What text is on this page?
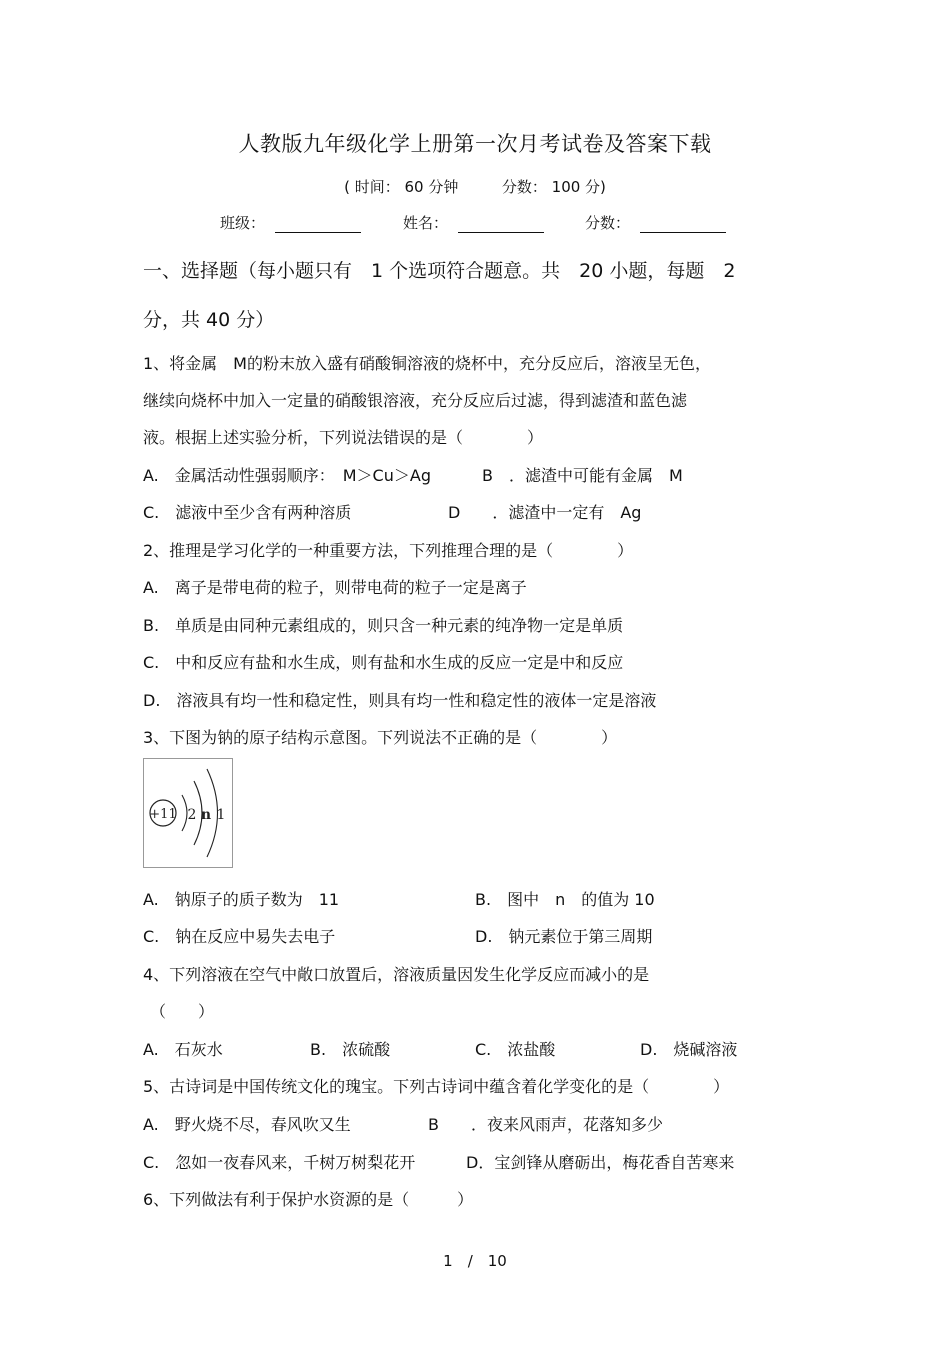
人教版九年级化学上册第一次月考试卷及答案下载
( 时间： 60 分钟	分数： 100 分)
班级：	姓名：	分数：
一、选择题（每小题只有　1 个选项符合题意。共　20 小题，每题　2
分，共 40 分）
1、将金属　M的粉末放入盛有硝酸铜溶液的烧杯中，充分反应后，溶液呈无色，
继续向烧杯中加入一定量的硝酸银溶液，充分反应后过滤，得到滤渣和蓝色滤
液。根据上述实验分析，下列说法错误的是（　　　　）
A.　金属活动性强弱顺序：　M＞Cu＞Ag	B　．滤渣中可能有金属　M
C.　滤液中至少含有两种溶质	D　　．滤渣中一定有　Ag
2、推理是学习化学的一种重要方法，下列推理合理的是（　　　　）
A.　离子是带电荷的粒子，则带电荷的粒子一定是离子
B.　单质是由同种元素组成的，则只含一种元素的纯净物一定是单质
C.　中和反应有盐和水生成，则有盐和水生成的反应一定是中和反应
D.　溶液具有均一性和稳定性，则具有均一性和稳定性的液体一定是溶液
3、下图为钠的原子结构示意图。下列说法不正确的是（　　　　）
+11 2 n 1
A.　钠原子的质子数为　11	B.　图中　n　的值为 10
C.　钠在反应中易失去电子	D.　钠元素位于第三周期
4、下列溶液在空气中敞口放置后，溶液质量因发生化学反应而减小的是
（　　）
A.　石灰水	B.　浓硫酸	C.　浓盐酸	D.　烧碱溶液
5、古诗词是中国传统文化的瑰宝。下列古诗词中蕴含着化学变化的是（　　　　）
A.　野火烧不尽，春风吹又生	B　　．夜来风雨声，花落知多少
C.　忽如一夜春风来，千树万树梨花开	D．宝剑锋从磨砺出，梅花香自苦寒来
6、下列做法有利于保护水资源的是（　　　）
1　/　10
